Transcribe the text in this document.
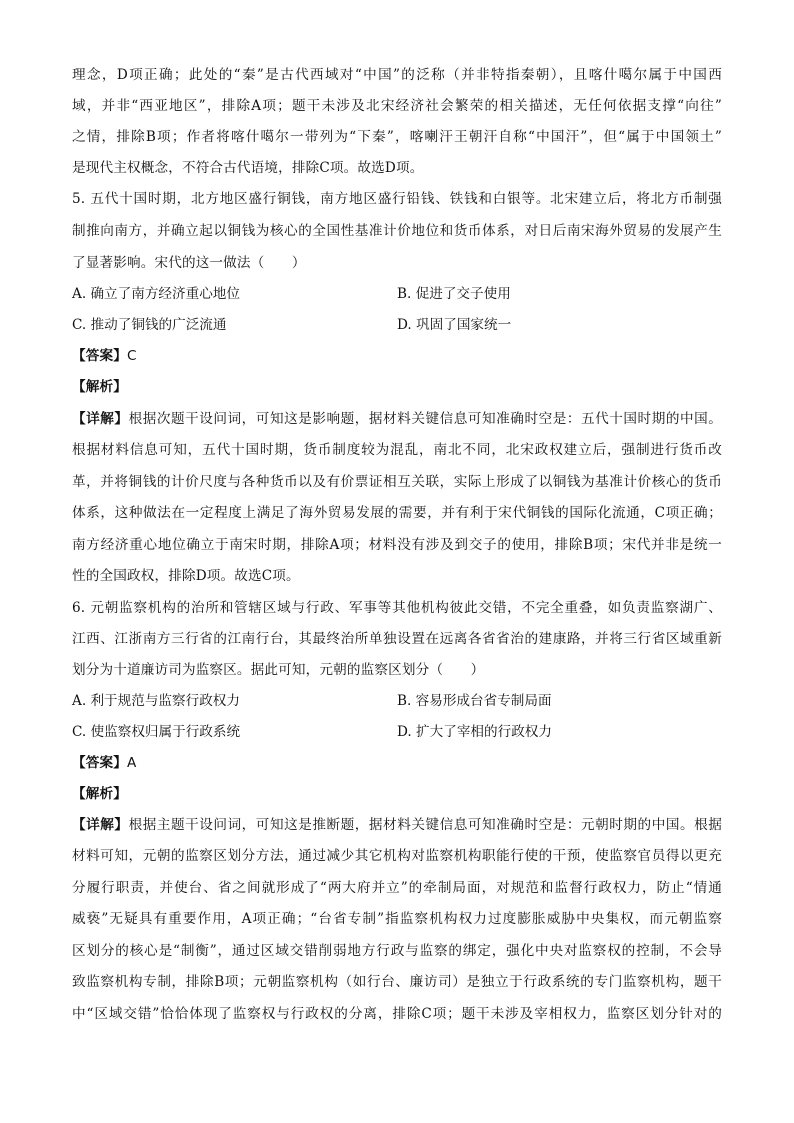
理念，D项正确；此处的“秦”是古代西域对“中国”的泛称（并非特指秦朝），且喀什噶尔属于中国西
域，并非“西亚地区”，排除A项；题干未涉及北宋经济社会繁荣的相关描述，无任何依据支撑“向往”
之情，排除B项；作者将喀什噶尔一带列为“下秦”，喀喇汗王朝汗自称“中国汗”，但“属于中国领土”
是现代主权概念，不符合古代语境，排除C项。故选D项。
5. 五代十国时期，北方地区盛行铜钱，南方地区盛行铅钱、铁钱和白银等。北宋建立后，将北方币制强
制推向南方，并确立起以铜钱为核心的全国性基准计价地位和货币体系，对日后南宋海外贸易的发展产生
了显著影响。宋代的这一做法（　　）
A. 确立了南方经济重心地位	B. 促进了交子使用
C. 推动了铜钱的广泛流通	D. 巩固了国家统一
【答案】C
【解析】
【详解】根据次题干设问词，可知这是影响题，据材料关键信息可知准确时空是：五代十国时期的中国。
根据材料信息可知，五代十国时期，货币制度较为混乱，南北不同，北宋政权建立后，强制进行货币改
革，并将铜钱的计价尺度与各种货币以及有价票证相互关联，实际上形成了以铜钱为基准计价核心的货币
体系，这种做法在一定程度上满足了海外贸易发展的需要，并有利于宋代铜钱的国际化流通，C项正确；
南方经济重心地位确立于南宋时期，排除A项；材料没有涉及到交子的使用，排除B项；宋代并非是统一
性的全国政权，排除D项。故选C项。
6. 元朝监察机构的治所和管辖区域与行政、军事等其他机构彼此交错，不完全重叠，如负责监察湖广、
江西、江浙南方三行省的江南行台，其最终治所单独设置在远离各省省治的建康路，并将三行省区域重新
划分为十道廉访司为监察区。据此可知，元朝的监察区划分（　　）
A. 利于规范与监察行政权力	B. 容易形成台省专制局面
C. 使监察权归属于行政系统	D. 扩大了宰相的行政权力
【答案】A
【解析】
【详解】根据主题干设问词，可知这是推断题，据材料关键信息可知准确时空是：元朝时期的中国。根据
材料可知，元朝的监察区划分方法，通过减少其它机构对监察机构职能行使的干预，使监察官员得以更充
分履行职责，并使台、省之间就形成了“两大府并立”的牵制局面，对规范和监督行政权力，防止“情通
威亵”无疑具有重要作用，A项正确；“台省专制”指监察机构权力过度膨胀威胁中央集权，而元朝监察
区划分的核心是“制衡”，通过区域交错削弱地方行政与监察的绑定，强化中央对监察权的控制，不会导
致监察机构专制，排除B项；元朝监察机构（如行台、廉访司）是独立于行政系统的专门监察机构，题干
中“区域交错”恰恰体现了监察权与行政权的分离，排除C项；题干未涉及宰相权力，监察区划分针对的
